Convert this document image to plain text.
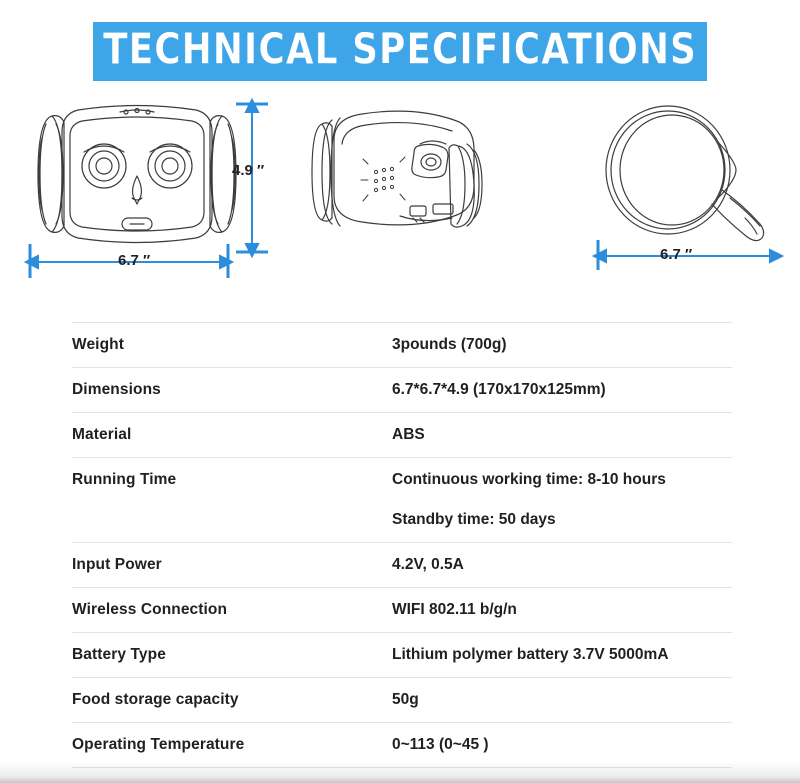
TECHNICAL SPECIFICATIONS
6.7 ″
4.9 ″
6.7 ″
Weight	3pounds (700g)

Dimensions	6.7*6.7*4.9 (170x170x125mm)

Material	ABS

Running Time	Continuous working time: 8-10 hours
Standby time: 50 days

Input Power	4.2V, 0.5A

Wireless Connection	WIFI 802.11 b/g/n

Battery Type	Lithium polymer battery 3.7V 5000mA

Food storage capacity	50g

Operating Temperature	0~113 (0~45 )
